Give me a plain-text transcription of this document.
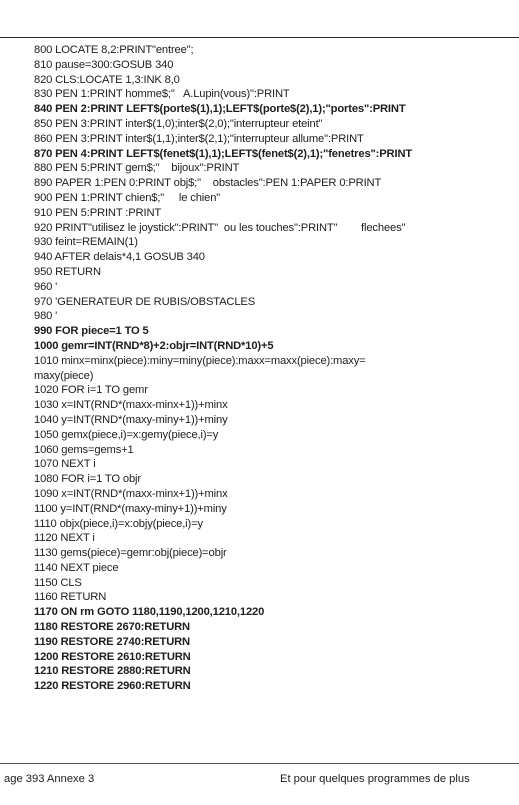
800 LOCATE 8,2:PRINT"entree";
810 pause=300:GOSUB 340
820 CLS:LOCATE 1,3:INK 8,0
830 PEN 1:PRINT homme$;"   A.Lupin(vous)":PRINT
840 PEN 2:PRINT LEFT$(porte$(1),1);LEFT$(porte$(2),1);"portes":PRINT
850 PEN 3:PRINT inter$(1,0);inter$(2,0);"interrupteur eteint"
860 PEN 3:PRINT inter$(1,1);inter$(2,1);"interrupteur allume":PRINT
870 PEN 4:PRINT LEFT$(fenet$(1),1);LEFT$(fenet$(2),1);"fenetres":PRINT
880 PEN 5:PRINT gem$;"    bijoux":PRINT
890 PAPER 1:PEN 0:PRINT obj$;"    obstacles":PEN 1:PAPER 0:PRINT
900 PEN 1:PRINT chien$;"     le chien"
910 PEN 5:PRINT :PRINT
920 PRINT"utilisez le joystick":PRINT"  ou les touches":PRINT"        flechees"
930 feint=REMAIN(1)
940 AFTER delais*4,1 GOSUB 340
950 RETURN
960 '
970 'GENERATEUR DE RUBIS/OBSTACLES
980 '
990 FOR piece=1 TO 5
1000 gemr=INT(RND*8)+2:objr=INT(RND*10)+5
1010 minx=minx(piece):miny=miny(piece):maxx=maxx(piece):maxy=
maxy(piece)
1020 FOR i=1 TO gemr
1030 x=INT(RND*(maxx-minx+1))+minx
1040 y=INT(RND*(maxy-miny+1))+miny
1050 gemx(piece,i)=x:gemy(piece,i)=y
1060 gems=gems+1
1070 NEXT i
1080 FOR i=1 TO objr
1090 x=INT(RND*(maxx-minx+1))+minx
1100 y=INT(RND*(maxy-miny+1))+miny
1110 objx(piece,i)=x:objy(piece,i)=y
1120 NEXT i
1130 gems(piece)=gemr:obj(piece)=objr
1140 NEXT piece
1150 CLS
1160 RETURN
1170 ON rm GOTO 1180,1190,1200,1210,1220
1180 RESTORE 2670:RETURN
1190 RESTORE 2740:RETURN
1200 RESTORE 2610:RETURN
1210 RESTORE 2880:RETURN
1220 RESTORE 2960:RETURN
age 393 Annexe 3	Et pour quelques programmes de plus
